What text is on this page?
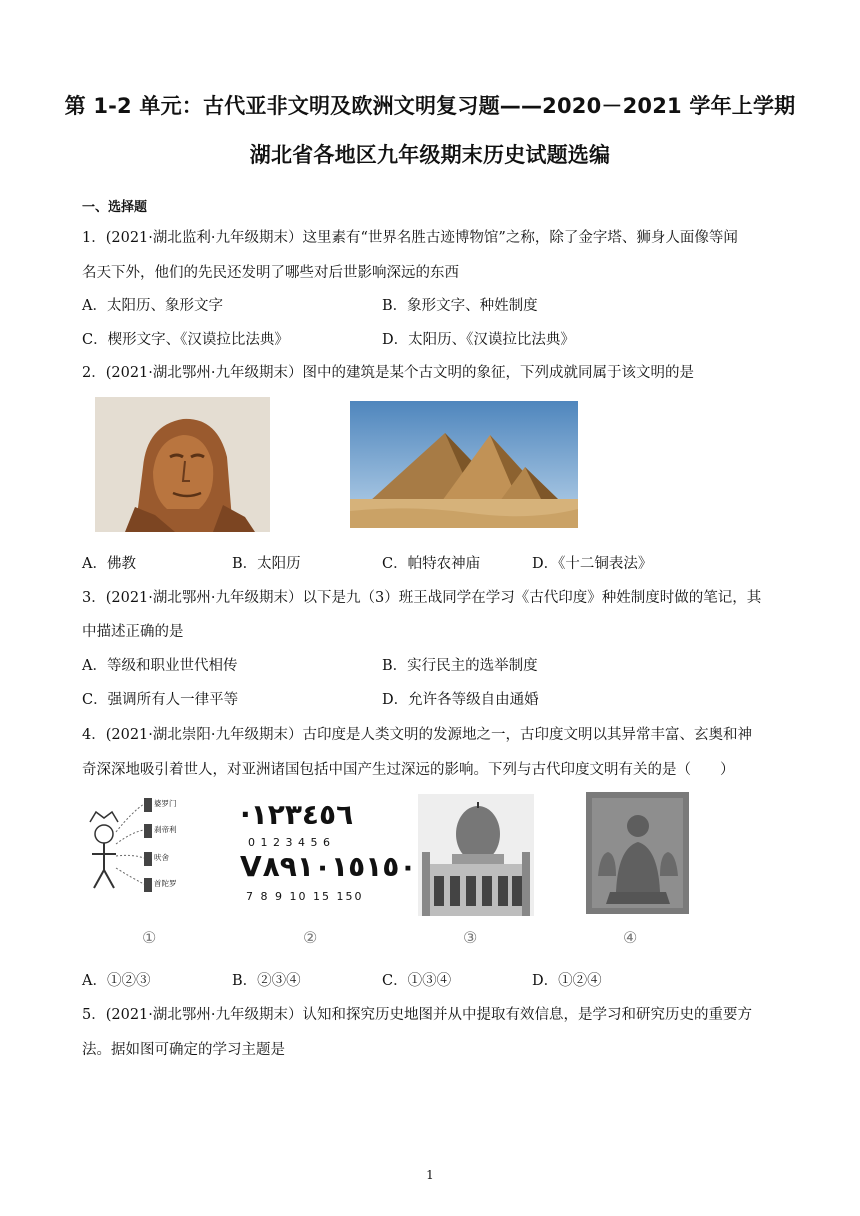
第 1-2 单元：古代亚非文明及欧洲文明复习题——2020－2021 学年上学期
湖北省各地区九年级期末历史试题选编
一、选择题
1．(2021·湖北监利·九年级期末）这里素有“世界名胜古迹博物馆”之称，除了金字塔、狮身人面像等闻
名天下外，他们的先民还发明了哪些对后世影响深远的东西
A．太阳历、象形文字	B．象形文字、种姓制度
C．楔形文字、《汉谟拉比法典》	D．太阳历、《汉谟拉比法典》
2．(2021·湖北鄂州·九年级期末）图中的建筑是某个古文明的象征，下列成就同属于该文明的是
A．佛教	B．太阳历	C．帕特农神庙	D．《十二铜表法》
3．(2021·湖北鄂州·九年级期末）以下是九（3）班王战同学在学习《古代印度》种姓制度时做的笔记，其
中描述正确的是
A．等级和职业世代相传	B．实行民主的选举制度
C．强调所有人一律平等	D．允许各等级自由通婚
4．(2021·湖北崇阳·九年级期末）古印度是人类文明的发源地之一，古印度文明以其异常丰富、玄奥和神
奇深深地吸引着世人，对亚洲诸国包括中国产生过深远的影响。下列与古代印度文明有关的是（　　）
婆罗门
刹帝利
吠舍
首陀罗
①
·١٢٣٤٥٦
0 1 2 3 4 5 6
V٨٩١٠١٥١٥٠
7 8 9 10 15 150
②	③	④
A．①②③	B．②③④	C．①③④	D．①②④
5．(2021·湖北鄂州·九年级期末）认知和探究历史地图并从中提取有效信息，是学习和研究历史的重要方
法。据如图可确定的学习主题是
1
